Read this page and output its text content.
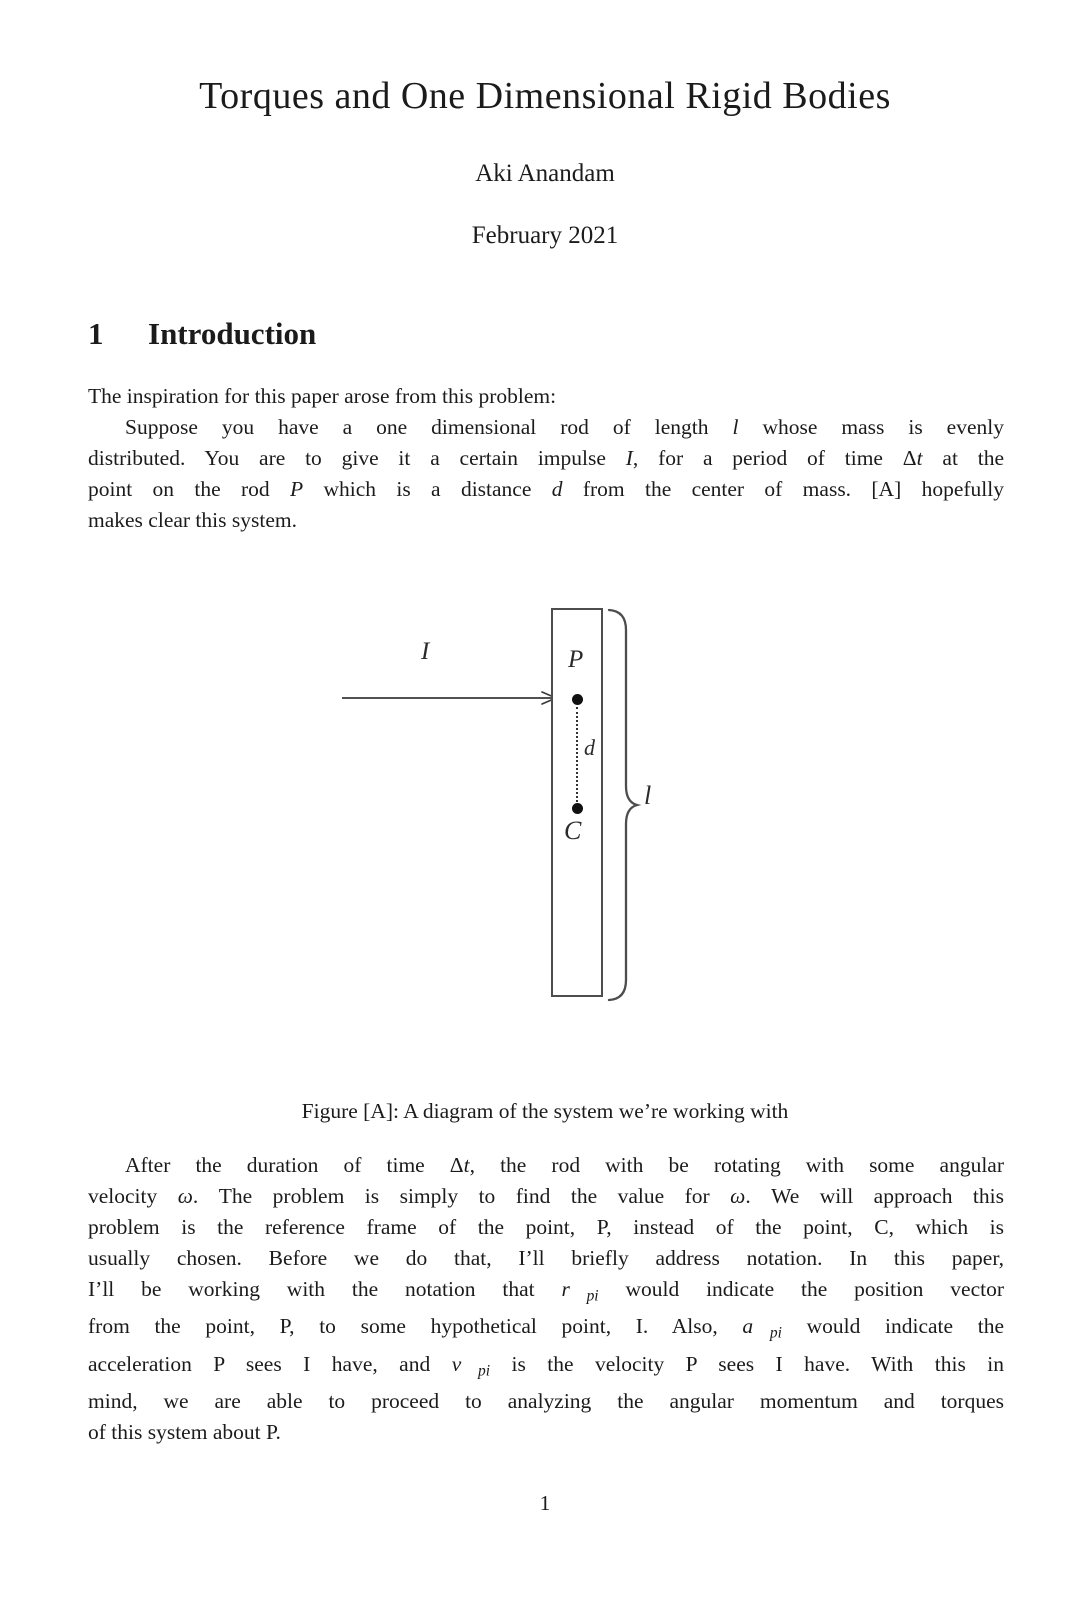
Torques and One Dimensional Rigid Bodies
Aki Anandam
February 2021
1 Introduction
The inspiration for this paper arose from this problem:
Suppose you have a one dimensional rod of length l whose mass is evenly
distributed. You are to give it a certain impulse I, for a period of time Δt at the
point on the rod P which is a distance d from the center of mass. [A] hopefully
makes clear this system.
I⃗
l
P
d
C
Figure [A]: A diagram of the system we’re working with
After the duration of time Δt, the rod with be rotating with some angular
velocity ω. The problem is simply to find the value for ω. We will approach this
problem is the reference frame of the point, P, instead of the point, C, which is
usually chosen. Before we do that, I’ll briefly address notation. In this paper,
I’ll be working with the notation that $r⃗_{pi}$ would indicate the position vector
from the point, P, to some hypothetical point, I. Also, $a⃗_{pi}$ would indicate the
acceleration P sees I have, and $v⃗_{pi}$ is the velocity P sees I have. With this in
mind, we are able to proceed to analyzing the angular momentum and torques
of this system about P.
1
